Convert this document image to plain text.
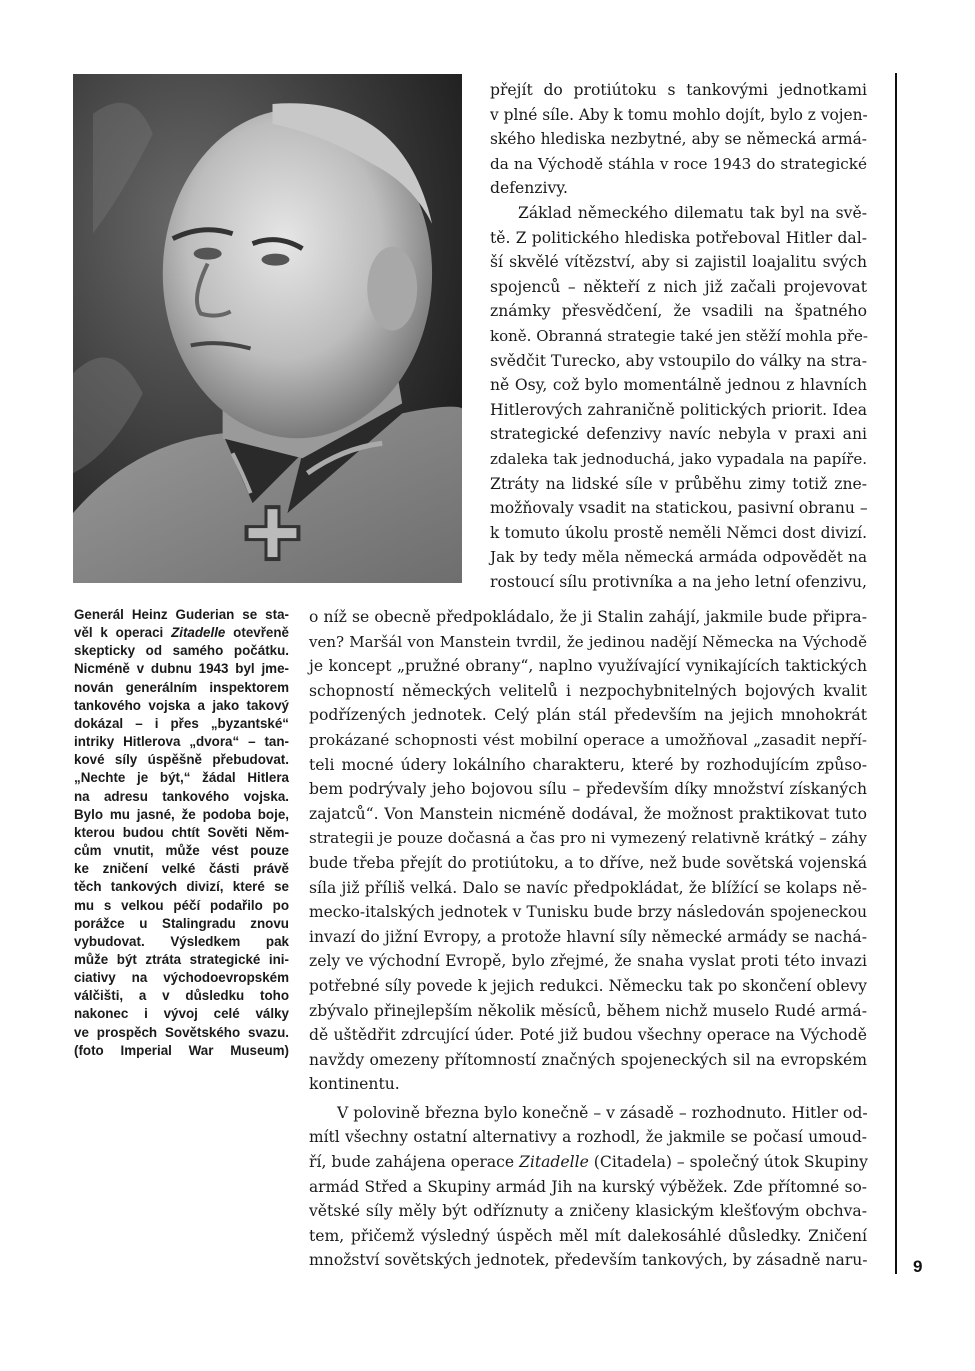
Generál Heinz Guderian se sta-
věl k operaci Zitadelle otevřeně
skepticky od samého počátku.
Nicméně v dubnu 1943 byl jme-
nován generálním inspektorem
tankového vojska a jako takový
dokázal – i přes „byzantské“
intriky Hitlerova „dvora“ – tan-
kové síly úspěšně přebudovat.
„Nechte je být,“ žádal Hitlera
na adresu tankového vojska.
Bylo mu jasné, že podoba boje,
kterou budou chtít Sověti Něm-
cům vnutit, může vést pouze
ke zničení velké části právě
těch tankových divizí, které se
mu s velkou péčí podařilo po
porážce u Stalingradu znovu
vybudovat. Výsledkem pak
může být ztráta strategické ini-
ciativy na východoevropském
válčišti, a v důsledku toho
nakonec i vývoj celé války
ve prospěch Sovětského svazu.
(foto Imperial War Museum)
přejít do protiútoku s tankovými jednotkami
v plné síle. Aby k tomu mohlo dojít, bylo z vojen-
ského hlediska nezbytné, aby se německá armá-
da na Východě stáhla v roce 1943 do strategické
defenzivy.
Základ německého dilematu tak byl na svě-
tě. Z politického hlediska potřeboval Hitler dal-
ší skvělé vítězství, aby si zajistil loajalitu svých
spojenců – někteří z nich již začali projevovat
známky přesvědčení, že vsadili na špatného
koně. Obranná strategie také jen stěží mohla pře-
svědčit Turecko, aby vstoupilo do války na stra-
ně Osy, což bylo momentálně jednou z hlavních
Hitlerových zahraničně politických priorit. Idea
strategické defenzivy navíc nebyla v praxi ani
zdaleka tak jednoduchá, jako vypadala na papíře.
Ztráty na lidské síle v průběhu zimy totiž zne-
možňovaly vsadit na statickou, pasivní obranu –
k tomuto úkolu prostě neměli Němci dost divizí.
Jak by tedy měla německá armáda odpovědět na
rostoucí sílu protivníka a na jeho letní ofenzivu,
o níž se obecně předpokládalo, že ji Stalin zahájí, jakmile bude připra-
ven? Maršál von Manstein tvrdil, že jedinou nadějí Německa na Východě
je koncept „pružné obrany“, naplno využívající vynikajících taktických
schopností německých velitelů i nezpochybnitelných bojových kvalit
podřízených jednotek. Celý plán stál především na jejich mnohokrát
prokázané schopnosti vést mobilní operace a umožňoval „zasadit nepří-
teli mocné údery lokálního charakteru, které by rozhodujícím způso-
bem podrývaly jeho bojovou sílu – především díky množství získaných
zajatců“. Von Manstein nicméně dodával, že možnost praktikovat tuto
strategii je pouze dočasná a čas pro ni vymezený relativně krátký – záhy
bude třeba přejít do protiútoku, a to dříve, než bude sovětská vojenská
síla již příliš velká. Dalo se navíc předpokládat, že blížící se kolaps ně-
mecko-italských jednotek v Tunisku bude brzy následován spojeneckou
invazí do jižní Evropy, a protože hlavní síly německé armády se nachá-
zely ve východní Evropě, bylo zřejmé, že snaha vyslat proti této invazi
potřebné síly povede k jejich redukci. Německu tak po skončení oblevy
zbývalo přinejlepším několik měsíců, během nichž muselo Rudé armá-
dě uštědřit zdrcující úder. Poté již budou všechny operace na Východě
navždy omezeny přítomností značných spojeneckých sil na evropském
kontinentu.
V polovině března bylo konečně – v zásadě – rozhodnuto. Hitler od-
mítl všechny ostatní alternativy a rozhodl, že jakmile se počasí umoud-
ří, bude zahájena operace Zitadelle (Citadela) – společný útok Skupiny
armád Střed a Skupiny armád Jih na kurský výběžek. Zde přítomné so-
větské síly měly být odříznuty a zničeny klasickým klešťovým obchva-
tem, přičemž výsledný úspěch měl mít dalekosáhlé důsledky. Zničení
množství sovětských jednotek, především tankových, by zásadně naru-	9
